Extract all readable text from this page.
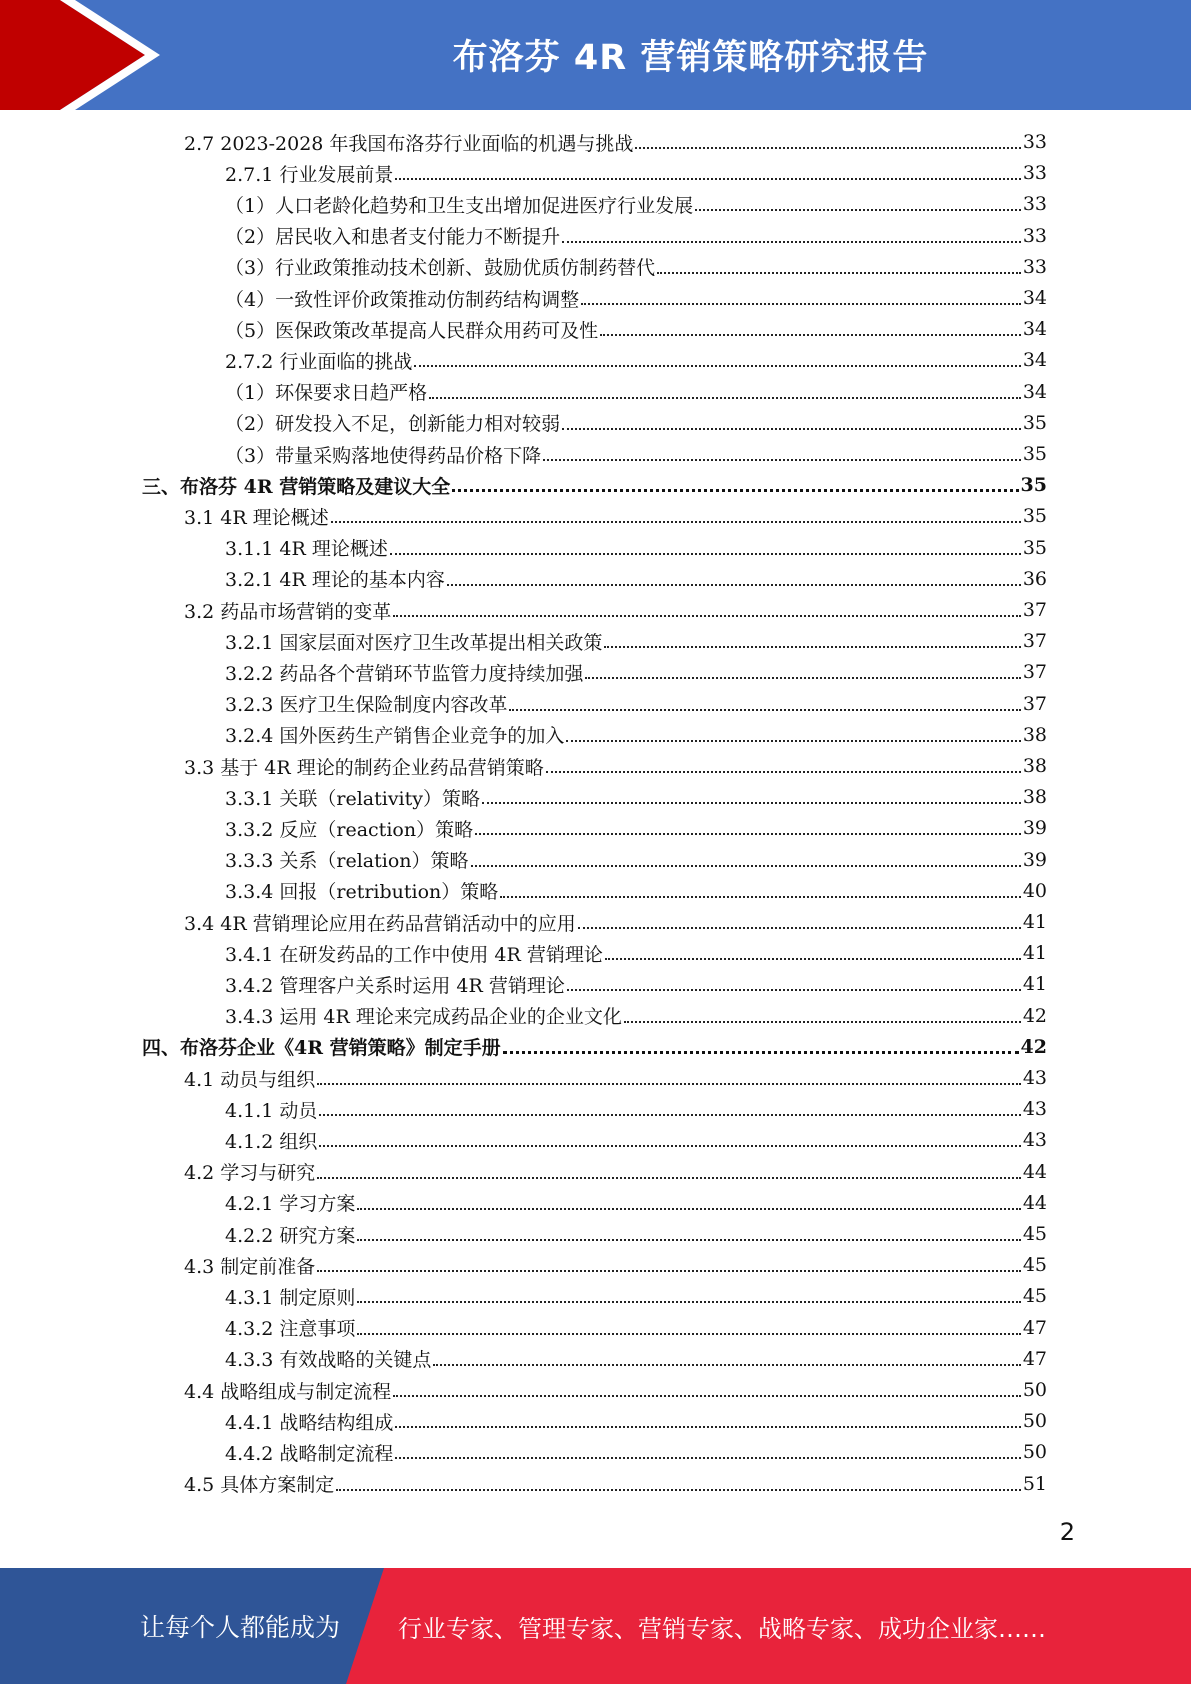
布洛芬 4R 营销策略研究报告
2.7 2023-2028 年我国布洛芬行业面临的机遇与挑战	33
2.7.1 行业发展前景	33
（1）人口老龄化趋势和卫生支出增加促进医疗行业发展	33
（2）居民收入和患者支付能力不断提升	33
（3）行业政策推动技术创新、鼓励优质仿制药替代	33
（4）一致性评价政策推动仿制药结构调整	34
（5）医保政策改革提高人民群众用药可及性	34
2.7.2 行业面临的挑战	34
（1）环保要求日趋严格	34
（2）研发投入不足，创新能力相对较弱	35
（3）带量采购落地使得药品价格下降	35
三、布洛芬 4R 营销策略及建议大全	35
3.1 4R 理论概述	35
3.1.1 4R 理论概述	35
3.2.1 4R 理论的基本内容	36
3.2 药品市场营销的变革	37
3.2.1 国家层面对医疗卫生改革提出相关政策	37
3.2.2 药品各个营销环节监管力度持续加强	37
3.2.3 医疗卫生保险制度内容改革	37
3.2.4 国外医药生产销售企业竞争的加入	38
3.3 基于 4R 理论的制药企业药品营销策略	38
3.3.1 关联（relativity）策略	38
3.3.2 反应（reaction）策略	39
3.3.3 关系（relation）策略	39
3.3.4 回报（retribution）策略	40
3.4 4R 营销理论应用在药品营销活动中的应用	41
3.4.1 在研发药品的工作中使用 4R 营销理论	41
3.4.2 管理客户关系时运用 4R 营销理论	41
3.4.3 运用 4R 理论来完成药品企业的企业文化	42
四、布洛芬企业《4R 营销策略》制定手册	42
4.1 动员与组织	43
4.1.1 动员	43
4.1.2 组织	43
4.2 学习与研究	44
4.2.1 学习方案	44
4.2.2 研究方案	45
4.3 制定前准备	45
4.3.1 制定原则	45
4.3.2 注意事项	47
4.3.3 有效战略的关键点	47
4.4 战略组成与制定流程	50
4.4.1 战略结构组成	50
4.4.2 战略制定流程	50
4.5 具体方案制定	51
2
让每个人都能成为 行业专家、管理专家、营销专家、战略专家、成功企业家……
